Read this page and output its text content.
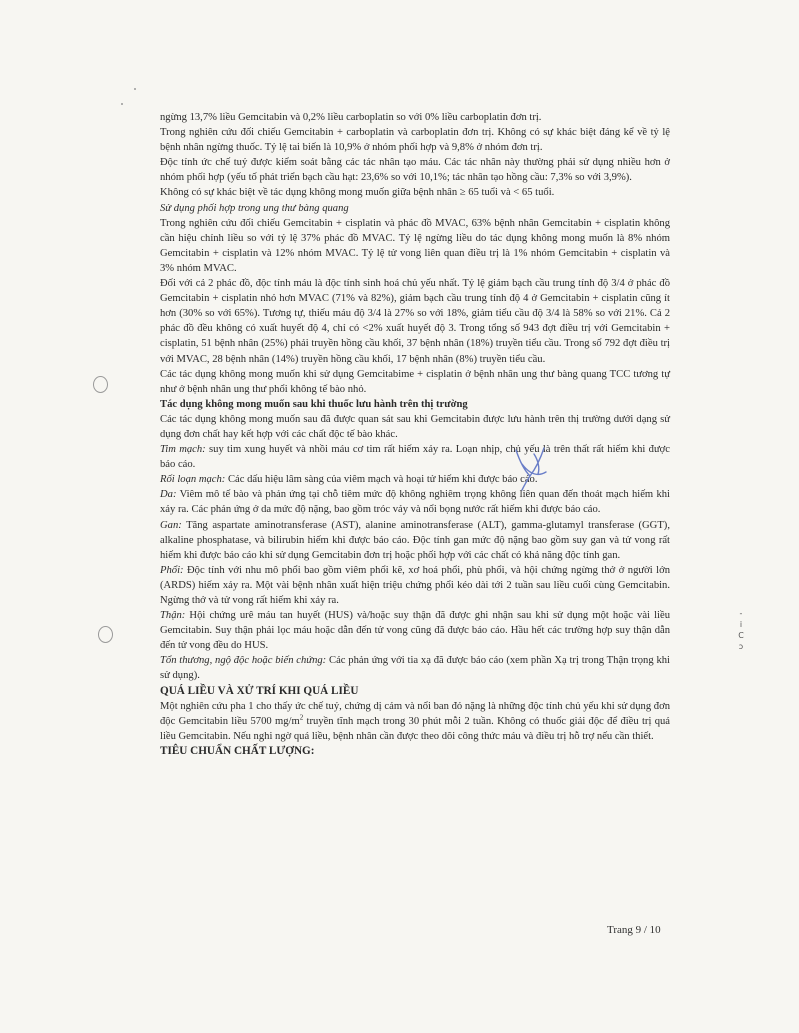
ngừng 13,7% liều Gemcitabin và 0,2% liều carboplatin so với 0% liều carboplatin đơn trị.

Trong nghiên cứu đối chiếu Gemcitabin + carboplatin và carboplatin đơn trị. Không có sự khác biệt đáng kể về tỷ lệ bệnh nhân ngừng thuốc. Tỷ lệ tai biến là 10,9% ở nhóm phối hợp và 9,8% ở nhóm đơn trị.

Độc tính ức chế tuỷ được kiểm soát bằng các tác nhân tạo máu. Các tác nhân này thường phải sử dụng nhiều hơn ở nhóm phối hợp (yếu tố phát triển bạch cầu hạt: 23,6% so với 10,1%; tác nhân tạo hồng cầu: 7,3% so với 3,9%).

Không có sự khác biệt về tác dụng không mong muốn giữa bệnh nhân ≥ 65 tuổi và < 65 tuổi.

Sử dụng phối hợp trong ung thư bàng quang

Trong nghiên cứu đối chiếu Gemcitabin + cisplatin và phác đồ MVAC, 63% bệnh nhân Gemcitabin + cisplatin không cần hiệu chỉnh liều so với tỷ lệ 37% phác đồ MVAC. Tỷ lệ ngừng liều do tác dụng không mong muốn là 8% nhóm Gemcitabin + cisplatin và 12% nhóm MVAC. Tỷ lệ tử vong liên quan điều trị là 1% nhóm Gemcitabin + cisplatin và 3% nhóm MVAC.

Đối với cả 2 phác đồ, độc tính máu là độc tính sinh hoá chủ yếu nhất. Tỷ lệ giảm bạch cầu trung tính độ 3/4 ở phác đồ Gemcitabin + cisplatin nhỏ hơn MVAC (71% và 82%), giảm bạch cầu trung tính độ 4 ở Gemcitabin + cisplatin cũng ít hơn (30% so với 65%). Tương tự, thiếu máu độ 3/4 là 27% so với 18%, giảm tiểu cầu độ 3/4 là 58% so với 21%. Cả 2 phác đồ đều không có xuất huyết độ 4, chỉ có <2% xuất huyết độ 3. Trong tổng số 943 đợt điều trị với Gemcitabin + cisplatin, 51 bệnh nhân (25%) phải truyền hồng cầu khối, 37 bệnh nhân (18%) truyền tiểu cầu. Trong số 792 đợt điều trị với MVAC, 28 bệnh nhân (14%) truyền hồng cầu khối, 17 bệnh nhân (8%) truyền tiểu cầu.

Các tác dụng không mong muốn khi sử dụng Gemcitabime + cisplatin ở bệnh nhân ung thư bàng quang TCC tương tự như ở bệnh nhân ung thư phổi không tế bào nhỏ.

Tác dụng không mong muốn sau khi thuốc lưu hành trên thị trường

Các tác dụng không mong muốn sau đã được quan sát sau khi Gemcitabin được lưu hành trên thị trường dưới dạng sử dụng đơn chất hay kết hợp với các chất độc tế bào khác.

Tim mạch: suy tim xung huyết và nhồi máu cơ tim rất hiếm xảy ra. Loạn nhịp, chủ yếu là trên thất rất hiếm khi được báo cáo.

Rối loạn mạch: Các dấu hiệu lâm sàng của viêm mạch và hoại tử hiếm khi được báo cáo.

Da: Viêm mô tế bào và phản ứng tại chỗ tiêm mức độ không nghiêm trọng không liên quan đến thoát mạch hiếm khi xảy ra. Các phản ứng ở da mức độ nặng, bao gồm tróc vảy và nổi bọng nước rất hiếm khi được báo cáo.

Gan: Tăng aspartate aminotransferase (AST), alanine aminotransferase (ALT), gamma-glutamyl transferase (GGT), alkaline phosphatase, và bilirubin hiếm khi được báo cáo. Độc tính gan mức độ nặng bao gồm suy gan và tử vong rất hiếm khi được báo cáo khi sử dụng Gemcitabin đơn trị hoặc phối hợp với các chất có khả năng độc tính gan.

Phổi: Độc tính với nhu mô phổi bao gồm viêm phổi kẽ, xơ hoá phổi, phù phổi, và hội chứng ngừng thở ở người lớn (ARDS) hiếm xảy ra. Một vài bệnh nhân xuất hiện triệu chứng phổi kéo dài tới 2 tuần sau liều cuối cùng Gemcitabin. Ngừng thở và tử vong rất hiếm khi xảy ra.

Thận: Hội chứng urê máu tan huyết (HUS) và/hoặc suy thận đã được ghi nhận sau khi sử dụng một hoặc vài liều Gemcitabin. Suy thận phải lọc máu hoặc dẫn đến tử vong cũng đã được báo cáo. Hầu hết các trường hợp suy thận dẫn đến tử vong đều do HUS.

Tổn thương, ngộ độc hoặc biến chứng: Các phản ứng với tia xạ đã được báo cáo (xem phần Xạ trị trong Thận trọng khi sử dụng).

QUÁ LIỀU VÀ XỬ TRÍ KHI QUÁ LIỀU

Một nghiên cứu pha 1 cho thấy ức chế tuỷ, chứng dị cảm và nổi ban đỏ nặng là những độc tính chủ yếu khi sử dụng đơn độc Gemcitabin liều 5700 $mg/m^2$ truyền tĩnh mạch trong 30 phút mỗi 2 tuần. Không có thuốc giải độc để điều trị quá liều Gemcitabin. Nếu nghi ngờ quá liều, bệnh nhân cần được theo dõi công thức máu và điều trị hỗ trợ nếu cần thiết.

TIÊU CHUẨN CHẤT LƯỢNG:

-
i
C
ɔ
Trang 9 / 10
